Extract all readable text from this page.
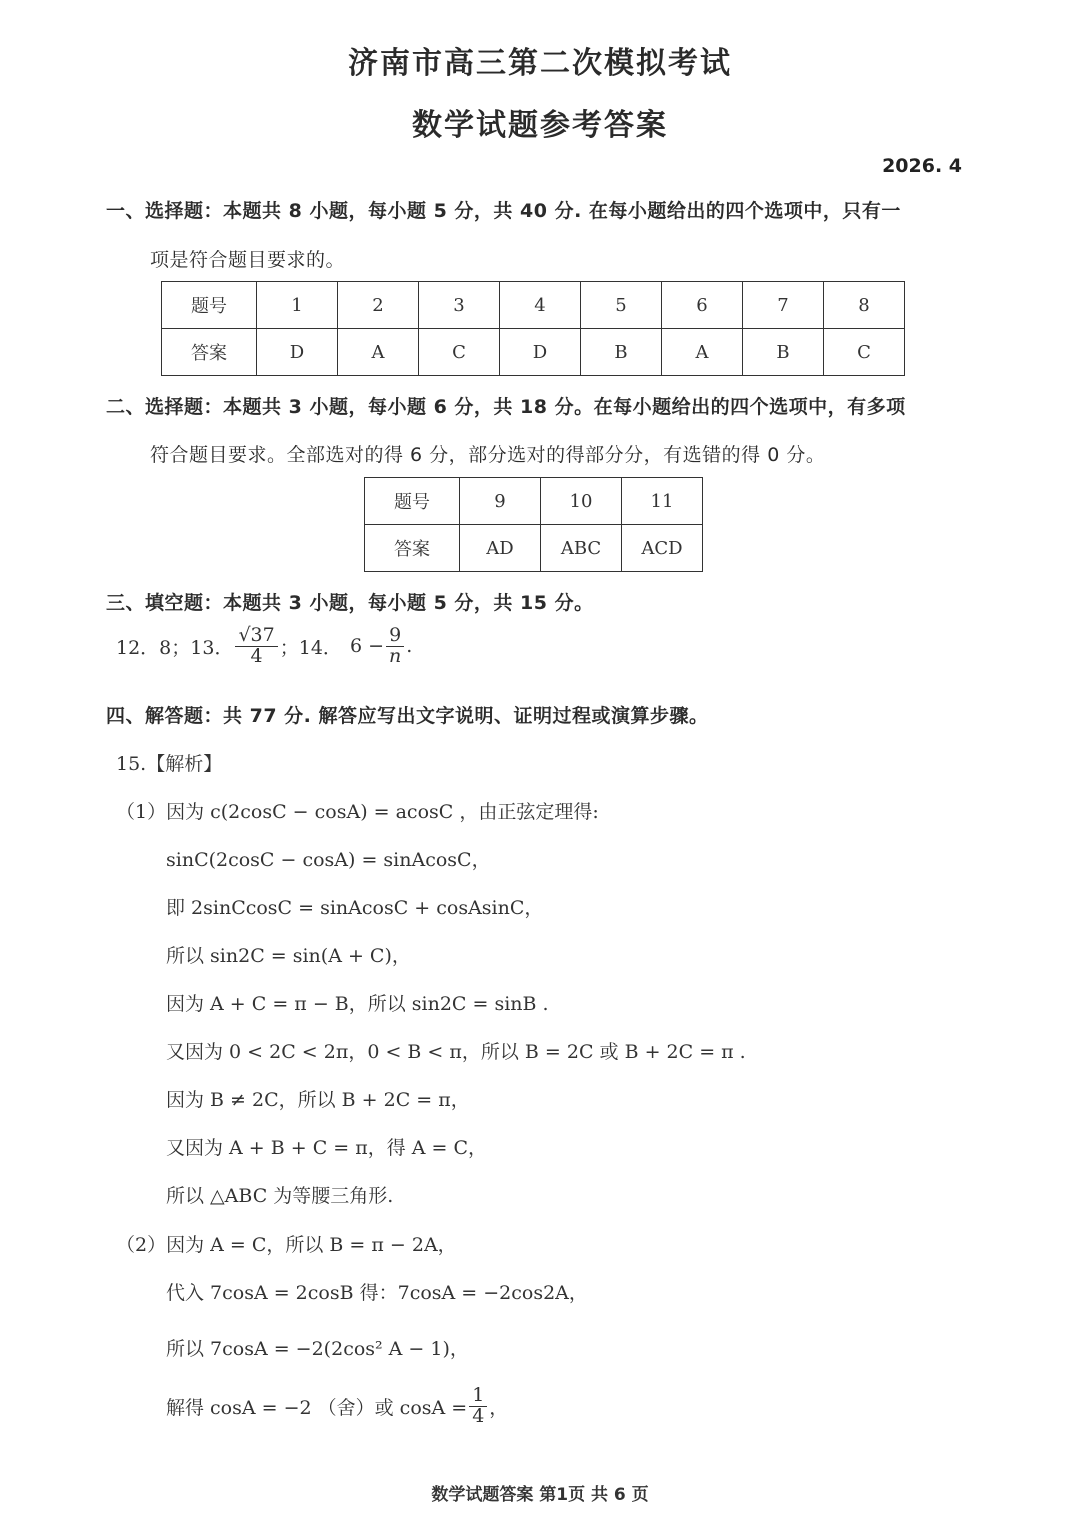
济南市高三第二次模拟考试
数学试题参考答案
2026. 4
一、选择题：本题共 8 小题，每小题 5 分，共 40 分. 在每小题给出的四个选项中，只有一
项是符合题目要求的。
题号	1	2	3	4	5	6	7	8
答案	D	A	C	D	B	A	B	C
二、选择题：本题共 3 小题，每小题 6 分，共 18 分。在每小题给出的四个选项中，有多项
符合题目要求。全部选对的得 6 分，部分选对的得部分分，有选错的得 0 分。
题号	9	10	11
答案	AD	ABC	ACD
三、填空题：本题共 3 小题，每小题 5 分，共 15 分。
12．8；13． $\frac{√37}{4}$ ；14． $6 - \frac{9}{n}$ .
四、解答题：共 77 分. 解答应写出文字说明、证明过程或演算步骤。
15.【解析】
（1）因为 c(2cosC − cosA) = acosC ，由正弦定理得:
sinC(2cosC − cosA) = sinAcosC，
即 2sinCcosC = sinAcosC + cosAsinC，
所以 sin2C = sin(A + C)，
因为 A + C = π − B，所以 sin2C = sinB .
又因为 0 < 2C < 2π，0 < B < π，所以 B = 2C 或 B + 2C = π .
因为 B ≠ 2C，所以 B + 2C = π，
又因为 A + B + C = π，得 A = C，
所以 △ABC 为等腰三角形.
（2）因为 A = C，所以 B = π − 2A，
代入 7cosA = 2cosB 得：7cosA = −2cos2A，
所以 7cosA = −2(2cos² A − 1)，
解得 cosA = −2 （舍）或 $\cos A = \frac{1}{4}$ ，
数学试题答案 第1页 共 6 页
